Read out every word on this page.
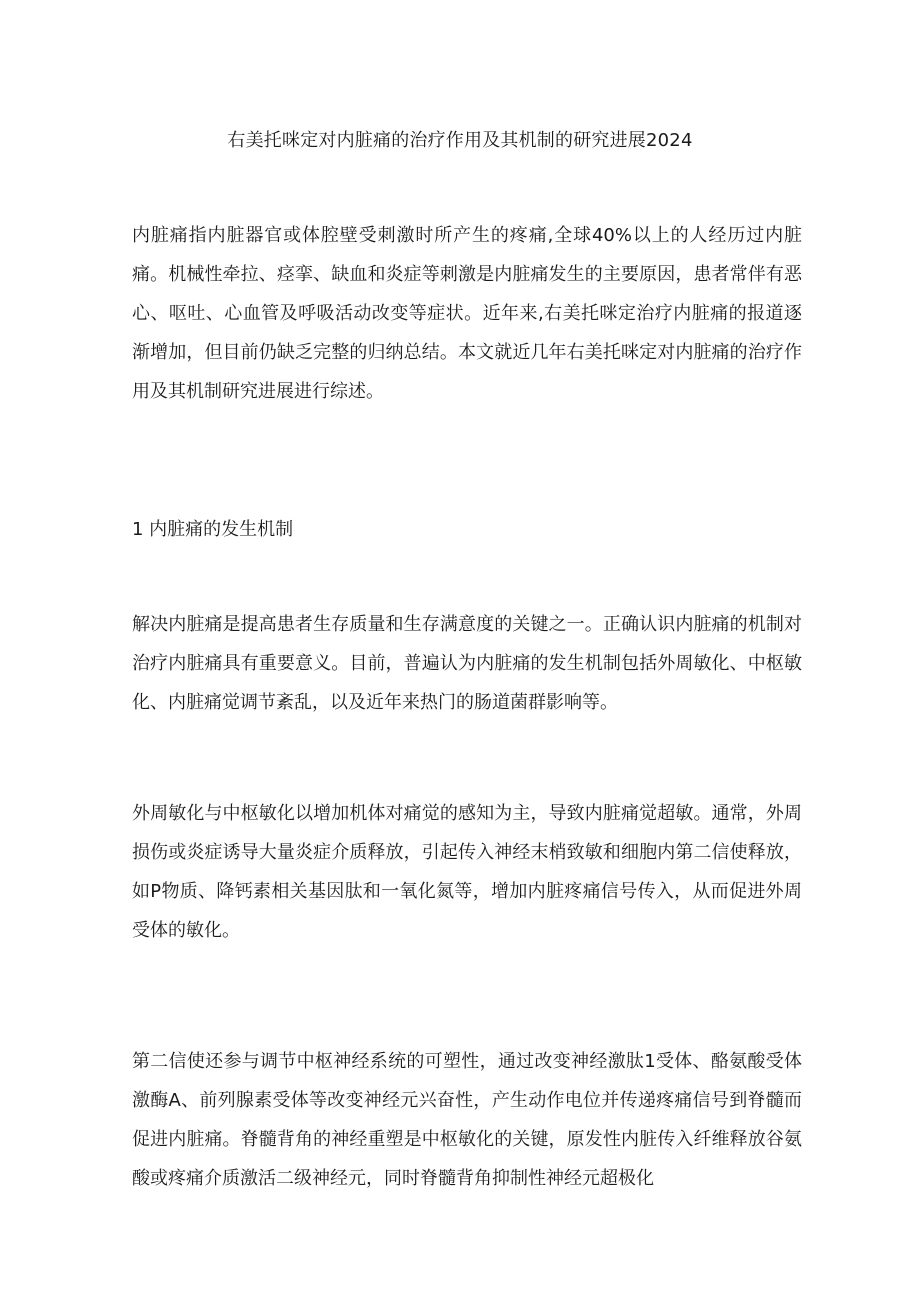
右美托咪定对内脏痛的治疗作用及其机制的研究进展2024

内脏痛指内脏器官或体腔壁受刺激时所产生的疼痛,全球40%以上的人经历过内脏痛。机械性牵拉、痉挛、缺血和炎症等刺激是内脏痛发生的主要原因，患者常伴有恶心、呕吐、心血管及呼吸活动改变等症状。近年来,右美托咪定治疗内脏痛的报道逐渐增加，但目前仍缺乏完整的归纳总结。本文就近几年右美托咪定对内脏痛的治疗作用及其机制研究进展进行综述。

1 内脏痛的发生机制

解决内脏痛是提高患者生存质量和生存满意度的关键之一。正确认识内脏痛的机制对治疗内脏痛具有重要意义。目前，普遍认为内脏痛的发生机制包括外周敏化、中枢敏化、内脏痛觉调节紊乱，以及近年来热门的肠道菌群影响等。

外周敏化与中枢敏化以增加机体对痛觉的感知为主，导致内脏痛觉超敏。通常，外周损伤或炎症诱导大量炎症介质释放，引起传入神经末梢致敏和细胞内第二信使释放，如P物质、降钙素相关基因肽和一氧化氮等，增加内脏疼痛信号传入，从而促进外周受体的敏化。

第二信使还参与调节中枢神经系统的可塑性，通过改变神经激肽1受体、酪氨酸受体激酶A、前列腺素受体等改变神经元兴奋性，产生动作电位并传递疼痛信号到脊髓而促进内脏痛。脊髓背角的神经重塑是中枢敏化的关键，原发性内脏传入纤维释放谷氨酸或疼痛介质激活二级神经元，同时脊髓背角抑制性神经元超极化
